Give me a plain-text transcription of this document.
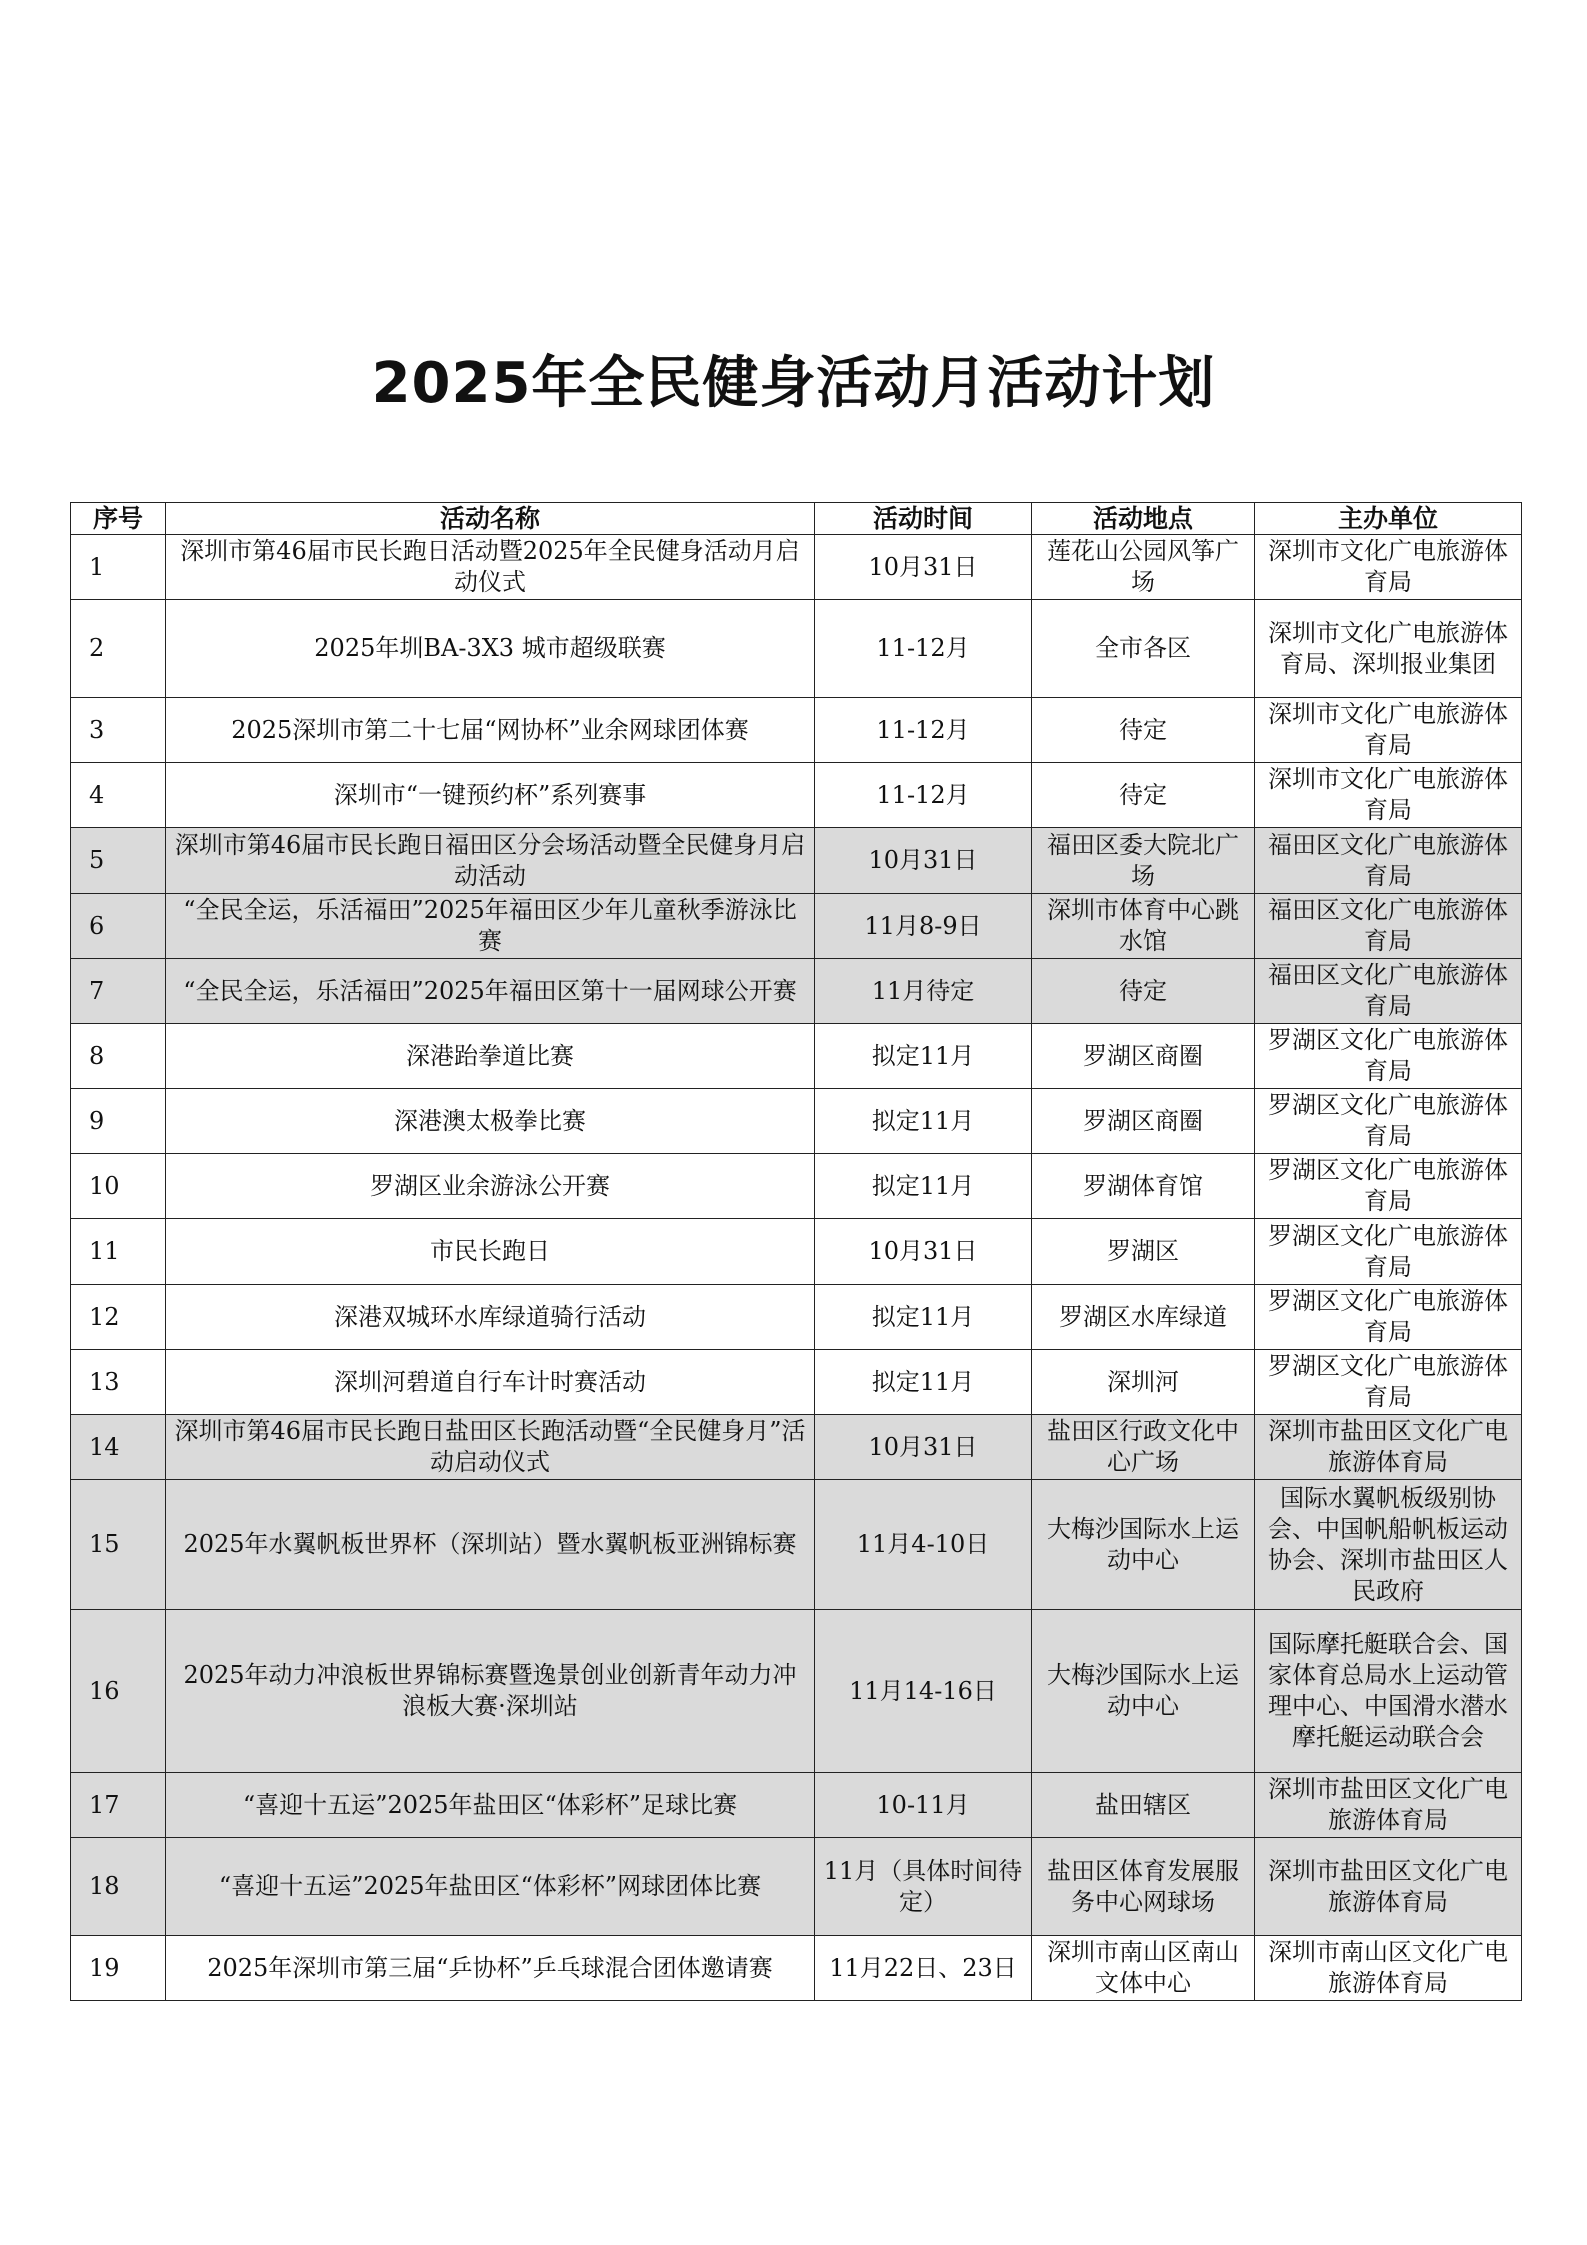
2025年全民健身活动月活动计划
序号	活动名称	活动时间	活动地点	主办单位
1	深圳市第46届市民长跑日活动暨2025年全民健身活动月启动仪式	10月31日	莲花山公园风筝广场	深圳市文化广电旅游体育局
2	2025年圳BA-3X3 城市超级联赛	11-12月	全市各区	深圳市文化广电旅游体育局、深圳报业集团
3	2025深圳市第二十七届“网协杯”业余网球团体赛	11-12月	待定	深圳市文化广电旅游体育局
4	深圳市“一键预约杯”系列赛事	11-12月	待定	深圳市文化广电旅游体育局
5	深圳市第46届市民长跑日福田区分会场活动暨全民健身月启动活动	10月31日	福田区委大院北广场	福田区文化广电旅游体育局
6	“全民全运，乐活福田”2025年福田区少年儿童秋季游泳比赛	11月8-9日	深圳市体育中心跳水馆	福田区文化广电旅游体育局
7	“全民全运，乐活福田”2025年福田区第十一届网球公开赛	11月待定	待定	福田区文化广电旅游体育局
8	深港跆拳道比赛	拟定11月	罗湖区商圈	罗湖区文化广电旅游体育局
9	深港澳太极拳比赛	拟定11月	罗湖区商圈	罗湖区文化广电旅游体育局
10	罗湖区业余游泳公开赛	拟定11月	罗湖体育馆	罗湖区文化广电旅游体育局
11	市民长跑日	10月31日	罗湖区	罗湖区文化广电旅游体育局
12	深港双城环水库绿道骑行活动	拟定11月	罗湖区水库绿道	罗湖区文化广电旅游体育局
13	深圳河碧道自行车计时赛活动	拟定11月	深圳河	罗湖区文化广电旅游体育局
14	深圳市第46届市民长跑日盐田区长跑活动暨“全民健身月”活动启动仪式	10月31日	盐田区行政文化中心广场	深圳市盐田区文化广电旅游体育局
15	2025年水翼帆板世界杯（深圳站）暨水翼帆板亚洲锦标赛	11月4-10日	大梅沙国际水上运动中心	国际水翼帆板级别协会、中国帆船帆板运动协会、深圳市盐田区人民政府
16	2025年动力冲浪板世界锦标赛暨逸景创业创新青年动力冲浪板大赛·深圳站	11月14-16日	大梅沙国际水上运动中心	国际摩托艇联合会、国家体育总局水上运动管理中心、中国滑水潜水摩托艇运动联合会
17	“喜迎十五运”2025年盐田区“体彩杯”足球比赛	10-11月	盐田辖区	深圳市盐田区文化广电旅游体育局
18	“喜迎十五运”2025年盐田区“体彩杯”网球团体比赛	11月（具体时间待定）	盐田区体育发展服务中心网球场	深圳市盐田区文化广电旅游体育局
19	2025年深圳市第三届“乒协杯”乒乓球混合团体邀请赛	11月22日、23日	深圳市南山区南山文体中心	深圳市南山区文化广电旅游体育局
